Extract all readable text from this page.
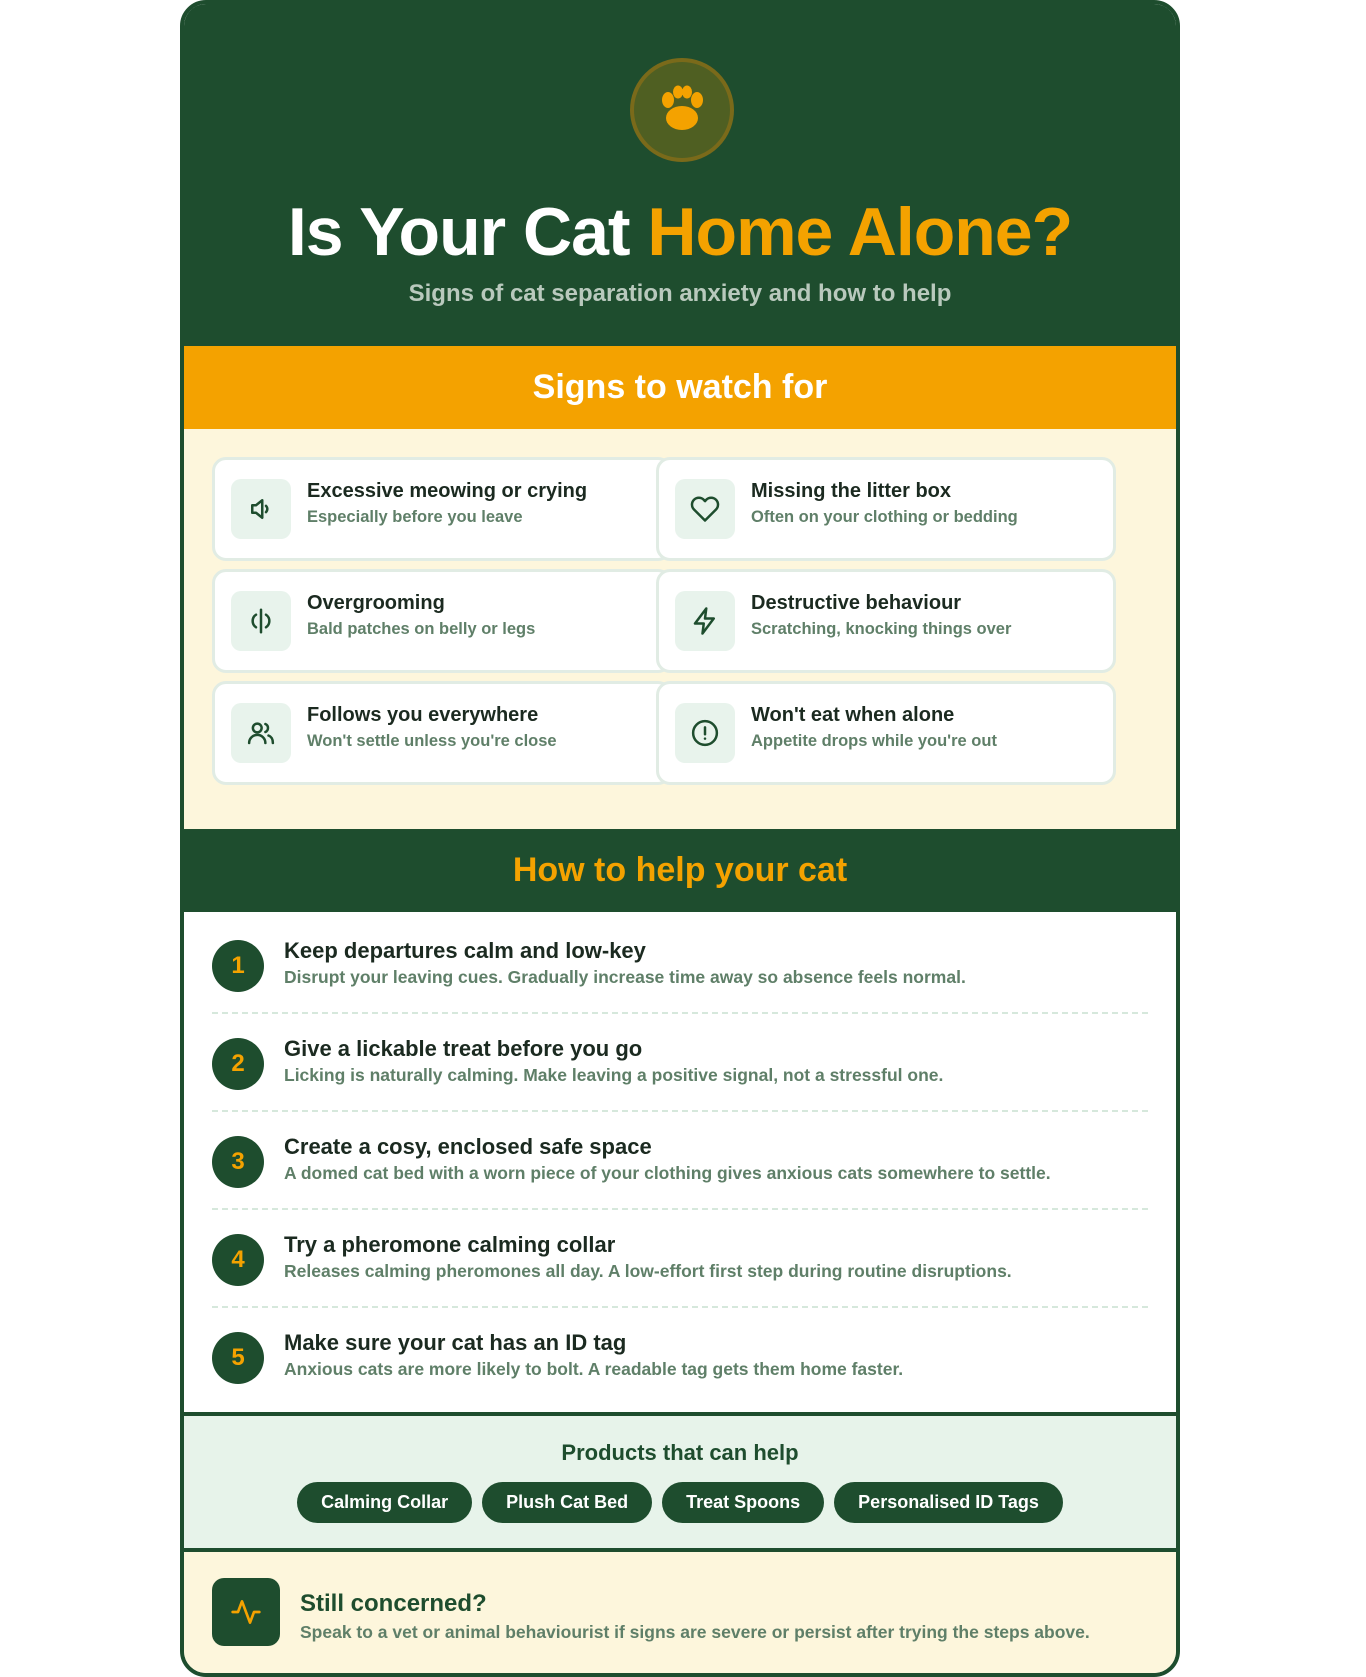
Is Your Cat Home Alone?
Signs of cat separation anxiety and how to help
Signs to watch for
Excessive meowing or crying
Especially before you leave
Missing the litter box
Often on your clothing or bedding
Overgrooming
Bald patches on belly or legs
Destructive behaviour
Scratching, knocking things over
Follows you everywhere
Won't settle unless you're close
Won't eat when alone
Appetite drops while you're out
How to help your cat
1
Keep departures calm and low-key
Disrupt your leaving cues. Gradually increase time away so absence feels normal.
2
Give a lickable treat before you go
Licking is naturally calming. Make leaving a positive signal, not a stressful one.
3
Create a cosy, enclosed safe space
A domed cat bed with a worn piece of your clothing gives anxious cats somewhere to settle.
4
Try a pheromone calming collar
Releases calming pheromones all day. A low-effort first step during routine disruptions.
5
Make sure your cat has an ID tag
Anxious cats are more likely to bolt. A readable tag gets them home faster.
Products that can help
Calming Collar	Plush Cat Bed	Treat Spoons	Personalised ID Tags
Still concerned?
Speak to a vet or animal behaviourist if signs are severe or persist after trying the steps above.
